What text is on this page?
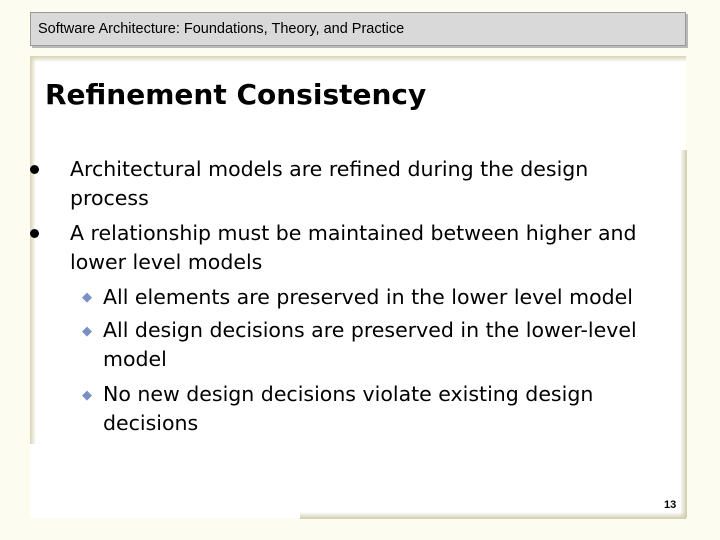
Software Architecture: Foundations, Theory, and Practice
Refinement Consistency
Architectural models are refined during the design
process
A relationship must be maintained between higher and
lower level models
◆ All elements are preserved in the lower level model
◆ All design decisions are preserved in the lower-level
model
◆ No new design decisions violate existing design
decisions
13
